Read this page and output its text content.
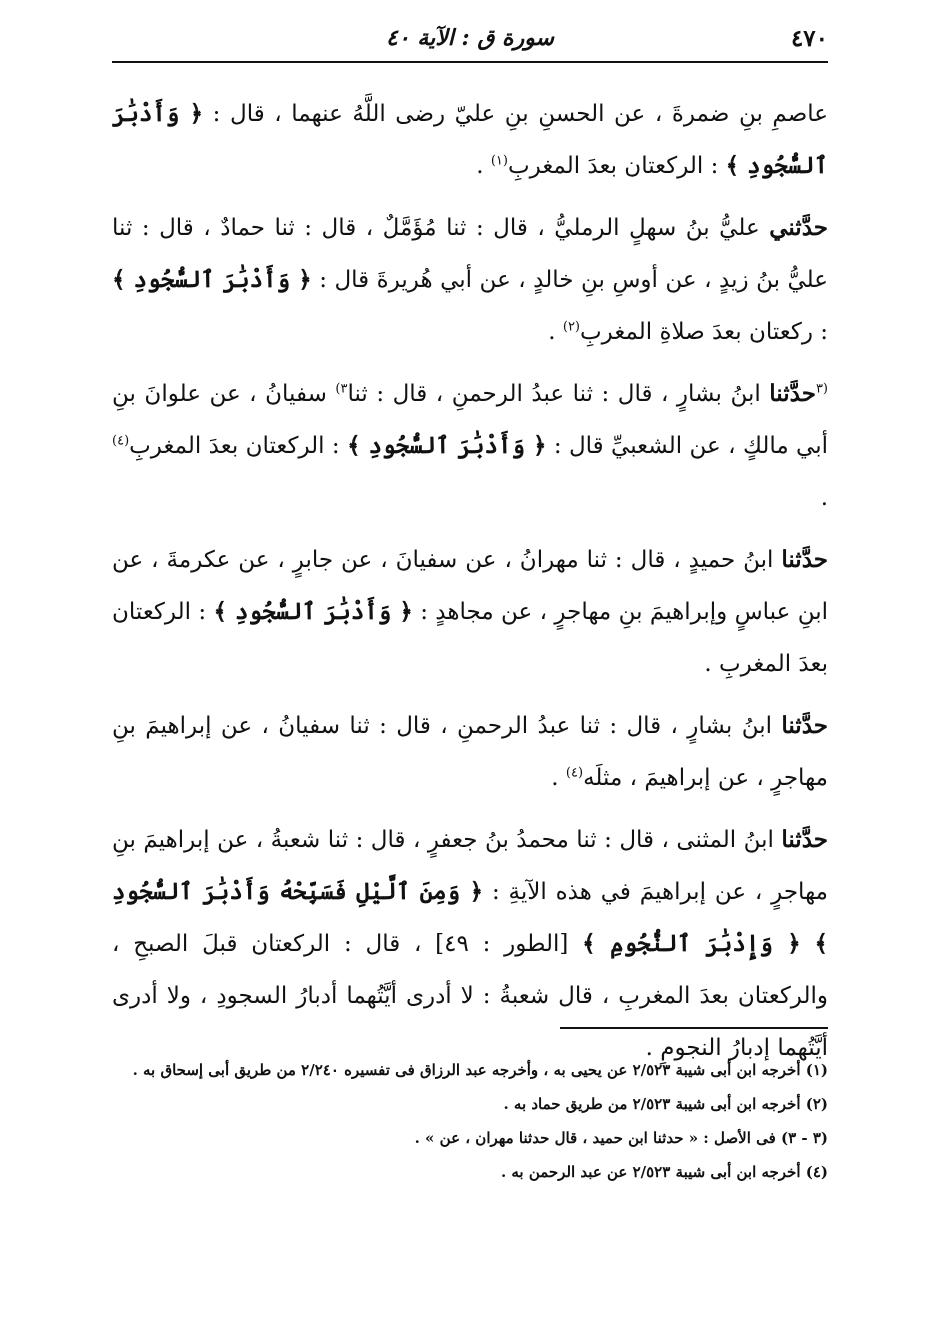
٤٧٠
سورة ق : الآية ٤٠

عاصمِ بنِ ضمرةَ ، عن الحسنِ بنِ عليّ رضى اللَّهُ عنهما ، قال : ﴿ وَأَدْبَٰرَ ٱلسُّجُودِ ﴾ : الركعتان بعدَ المغربِ$^{(١)}$ .

حدَّثني عليُّ بنُ سهلٍ الرمليُّ ، قال : ثنا مُؤَمَّلٌ ، قال : ثنا حمادٌ ، قال : ثنا عليُّ بنُ زيدٍ ، عن أوسِ بنِ خالدٍ ، عن أبي هُريرةَ قال : ﴿ وَأَدْبَٰرَ ٱلسُّجُودِ ﴾ : ركعتان بعدَ صلاةِ المغربِ$^{(٢)}$ .

$^{(٣}$حدَّثنا ابنُ بشارٍ ، قال : ثنا عبدُ الرحمنِ ، قال : ثنا$^{٣)}$ سفيانُ ، عن علوانَ بنِ أبي مالكٍ ، عن الشعبيِّ قال : ﴿ وَأَدْبَٰرَ ٱلسُّجُودِ ﴾ : الركعتان بعدَ المغربِ$^{(٤)}$ .

حدَّثنا ابنُ حميدٍ ، قال : ثنا مهرانُ ، عن سفيانَ ، عن جابرٍ ، عن عكرمةَ ، عن ابنِ عباسٍ وإبراهيمَ بنِ مهاجرٍ ، عن مجاهدٍ : ﴿ وَأَدْبَٰرَ ٱلسُّجُودِ ﴾ : الركعتان بعدَ المغربِ .

حدَّثنا ابنُ بشارٍ ، قال : ثنا عبدُ الرحمنِ ، قال : ثنا سفيانُ ، عن إبراهيمَ بنِ مهاجرٍ ، عن إبراهيمَ ، مثلَه$^{(٤)}$ .

حدَّثنا ابنُ المثنى ، قال : ثنا محمدُ بنُ جعفرٍ ، قال : ثنا شعبةُ ، عن إبراهيمَ بنِ مهاجرٍ ، عن إبراهيمَ في هذه الآيةِ : ﴿ وَمِنَ ٱلَّيْلِ فَسَبِّحْهُ وَأَدْبَٰرَ ٱلسُّجُودِ ﴾ ﴿ وَإِدْبَٰرَ ٱلنُّجُومِ ﴾ [الطور : ٤٩] ، قال : الركعتان قبلَ الصبحِ ، والركعتان بعدَ المغربِ ، قال شعبةُ : لا أدرى أيَّتُهما أدبارُ السجودِ ، ولا أدرى أيَّتُهما إدبارُ النجومِ .

(١) أخرجه ابن أبى شيبة ٢/٥٢٣ عن يحيى به ، وأخرجه عبد الرزاق فى تفسيره ٢/٢٤٠ من طريق أبى إسحاق به .

(٢) أخرجه ابن أبى شيبة ٢/٥٢٣ من طريق حماد به .

(٣ - ٣) فى الأصل : « حدثنا ابن حميد ، قال حدثنا مهران ، عن » .

(٤) أخرجه ابن أبى شيبة ٢/٥٢٣ عن عبد الرحمن به .
